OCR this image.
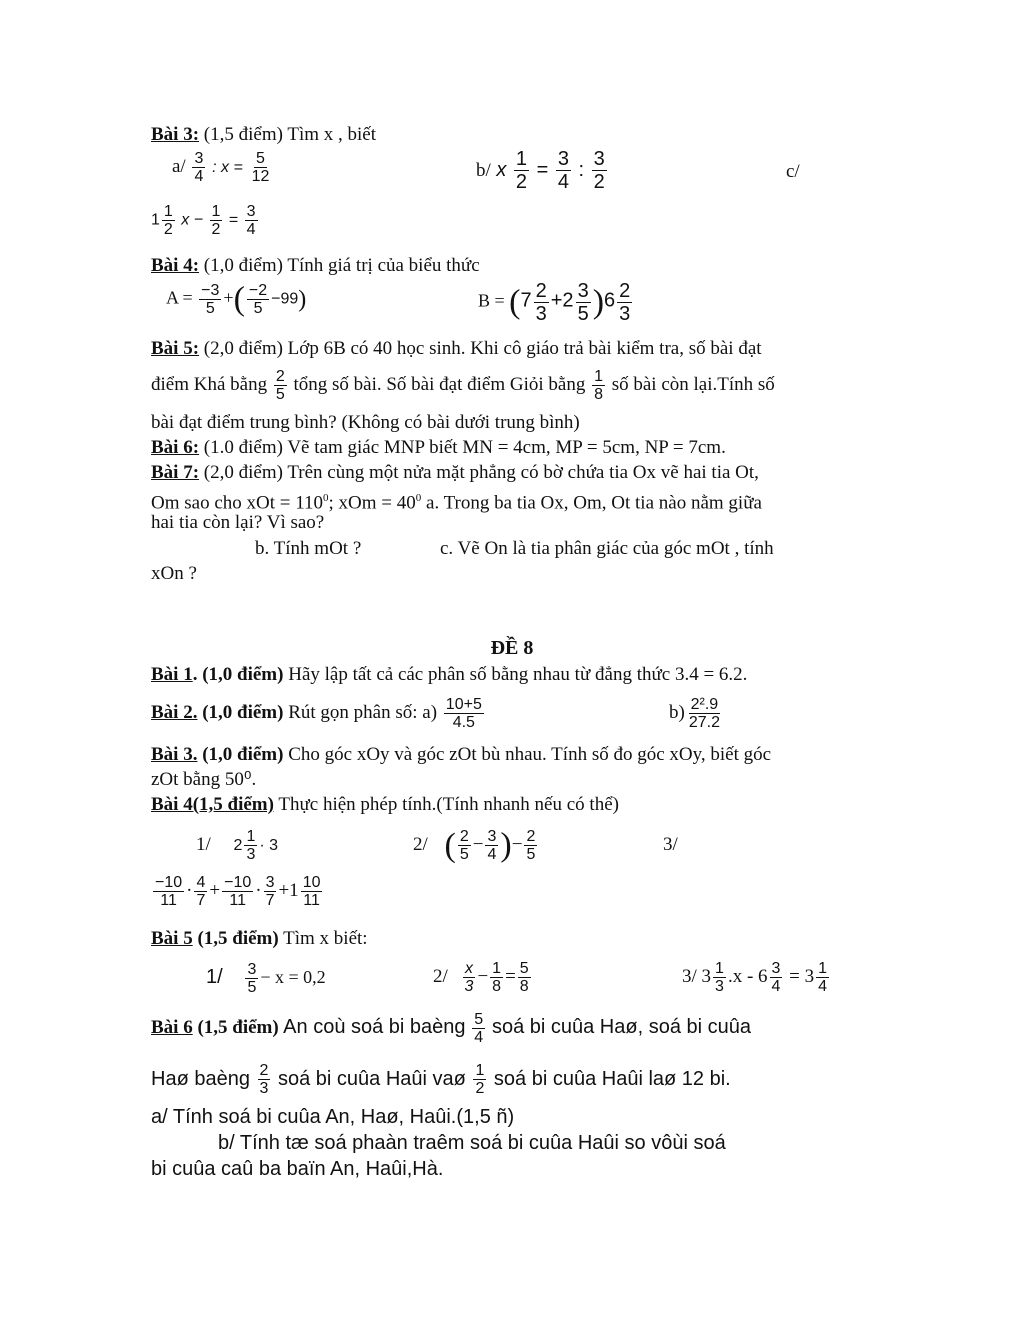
Bài 3: (1,5 điểm) Tìm x , biết
$a/ \frac{3}{4}$ : $x = \frac{5}{12}$	b/ x $\frac{1}{2} = \frac{3}{4}$ : $\frac{3}{2}$	c/
$1 \frac{1}{2}$ $x - \frac{1}{2} = \frac{3}{4}$
Bài 4: (1,0 điểm) Tính giá trị của biểu thức
$A = \frac{-3}{5}$ +( $\frac{-2}{5} -99$)	$B = (7 \frac{2}{3} +2 \frac{3}{5} )6 \frac{2}{3}$
Bài 5: (2,0 điểm) Lớp 6B có 40 học sinh. Khi cô giáo trả bài kiểm tra, số bài đạt
điểm Khá bằng $\frac{2}{5}$ tổng số bài. Số bài đạt điểm Giỏi bằng $\frac{1}{8}$ số bài còn lại.Tính số
bài đạt điểm trung bình? (Không có bài dưới trung bình)
Bài 6: (1.0 điểm) Vẽ tam giác MNP biết MN = 4cm, MP = 5cm, NP = 7cm.
Bài 7: (2,0 điểm) Trên cùng một nửa mặt phẳng có bờ chứa tia Ox vẽ hai tia Ot,
Om sao cho xOt = $110^0$; xOm = $40^0$ a. Trong ba tia Ox, Om, Ot tia nào nằm giữa
hai tia còn lại? Vì sao?
b. Tính mOt ?	c. Vẽ On là tia phân giác của góc mOt , tính
xOn ?
ĐỀ 8
Bài 1. (1,0 điểm) Hãy lập tất cả các phân số bằng nhau từ đẳng thức 3.4 = 6.2.
Bài 2. (1,0 điểm) Rút gọn phân số: $a) \frac{10+5}{4.5}$	$b) \frac{\text{2².9}}{27.2}$
Bài 3. (1,0 điểm) Cho góc xOy và góc zOt bù nhau. Tính số đo góc xOy, biết góc
zOt bằng 50⁰.
Bài 4(1,5 điểm) Thực hiện phép tính.(Tính nhanh nếu có thể)
1/ $2 \frac{1}{3} \cdot 3$	2/ ( $\frac{2}{5} - \frac{3}{4}$ )− $\frac{2}{5}$	3/
$\frac{-10}{11} \cdot \frac{4}{7} + \frac{-10}{11} \cdot \frac{3}{7} +1 \frac{10}{11}$
Bài 5 (1,5 điểm) Tìm x biết:
$1/ \frac{3}{5} - x = 0,2$	$2/ \frac{x}{3} - \frac{1}{8} = \frac{5}{8}$	3/ $3 \frac{1}{3} .x - 6 \frac{3}{4} = 3 \frac{1}{4}$
Bài 6 (1,5 điểm) An coù soá bi baèng $\frac{5}{4}$ soá bi cuûa Haø, soá bi cuûa
Haø baèng $\frac{2}{3}$ soá bi cuûa Haûi vaø $\frac{1}{2}$ soá bi cuûa Haûi laø 12 bi.
a/ Tính soá bi cuûa An, Haø, Haûi.(1,5 ñ)
b/ Tính tæ soá phaàn traêm soá bi cuûa Haûi so vôùi soá
bi cuûa caû ba baïn An, Haûi,Hà.
